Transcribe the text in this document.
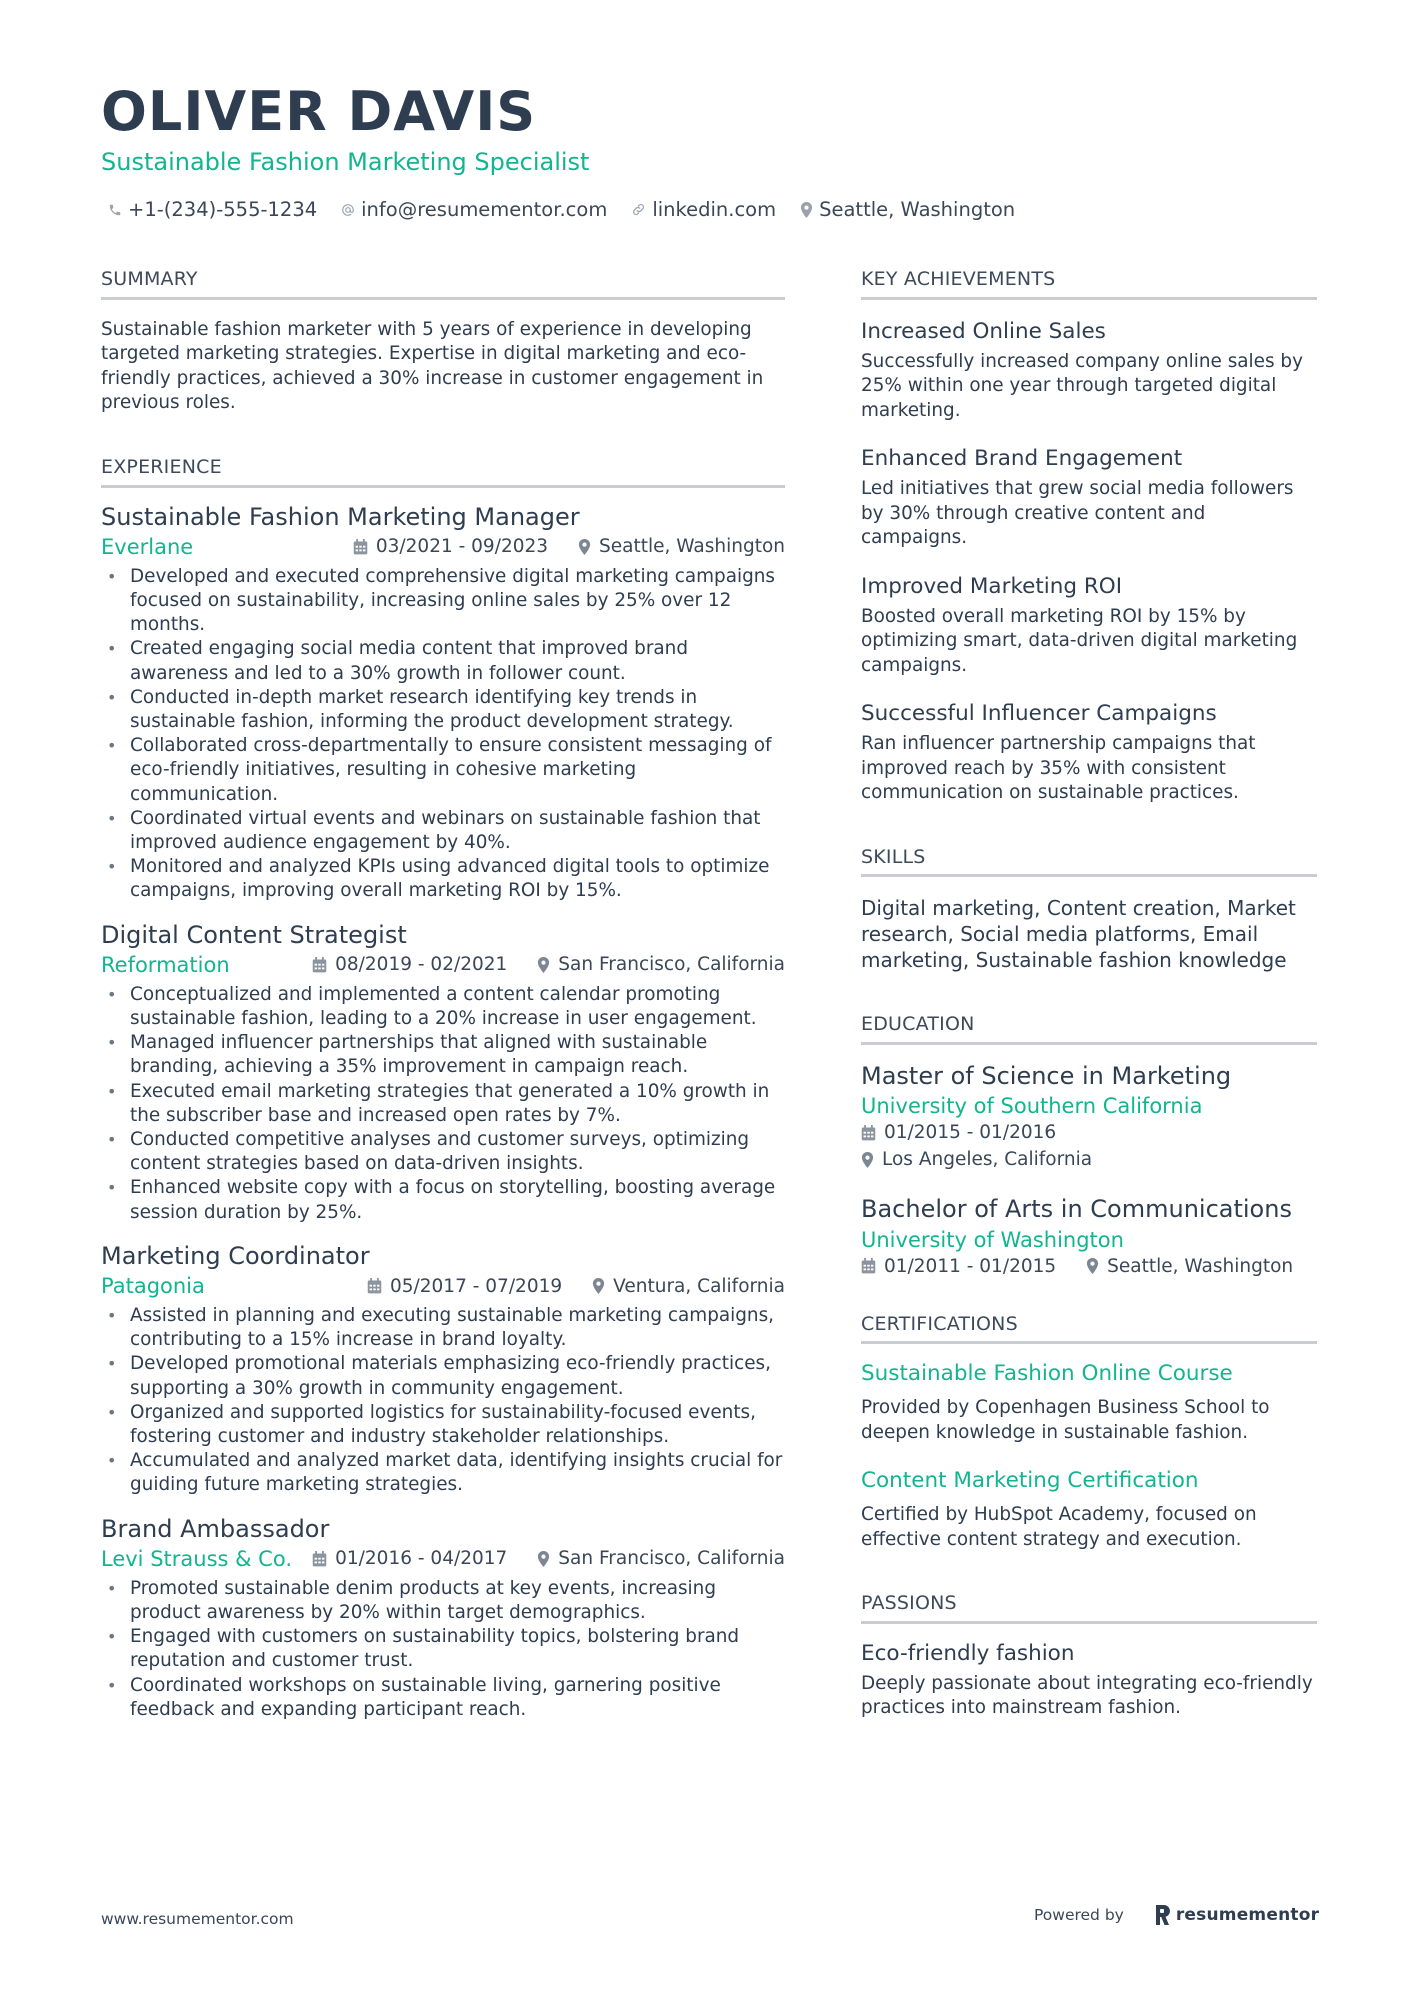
OLIVER DAVIS
Sustainable Fashion Marketing Specialist
+1-(234)-555-1234 info@resumementor.com linkedin.com Seattle, Washington
SUMMARY

Sustainable fashion marketer with 5 years of experience in developing targeted marketing strategies. Expertise in digital marketing and eco-friendly practices, achieved a 30% increase in customer engagement in previous roles.

EXPERIENCE
Sustainable Fashion Marketing Manager
Everlane	03/2021 - 09/2023	Seattle, Washington
• Developed and executed comprehensive digital marketing campaigns focused on sustainability, increasing online sales by 25% over 12 months.
• Created engaging social media content that improved brand awareness and led to a 30% growth in follower count.
• Conducted in-depth market research identifying key trends in sustainable fashion, informing the product development strategy.
• Collaborated cross-departmentally to ensure consistent messaging of eco-friendly initiatives, resulting in cohesive marketing communication.
• Coordinated virtual events and webinars on sustainable fashion that improved audience engagement by 40%.
• Monitored and analyzed KPIs using advanced digital tools to optimize campaigns, improving overall marketing ROI by 15%.
Digital Content Strategist
Reformation	08/2019 - 02/2021	San Francisco, California
• Conceptualized and implemented a content calendar promoting sustainable fashion, leading to a 20% increase in user engagement.
• Managed influencer partnerships that aligned with sustainable branding, achieving a 35% improvement in campaign reach.
• Executed email marketing strategies that generated a 10% growth in the subscriber base and increased open rates by 7%.
• Conducted competitive analyses and customer surveys, optimizing content strategies based on data-driven insights.
• Enhanced website copy with a focus on storytelling, boosting average session duration by 25%.
Marketing Coordinator
Patagonia	05/2017 - 07/2019	Ventura, California
• Assisted in planning and executing sustainable marketing campaigns, contributing to a 15% increase in brand loyalty.
• Developed promotional materials emphasizing eco-friendly practices, supporting a 30% growth in community engagement.
• Organized and supported logistics for sustainability-focused events, fostering customer and industry stakeholder relationships.
• Accumulated and analyzed market data, identifying insights crucial for guiding future marketing strategies.
Brand Ambassador
Levi Strauss & Co.	01/2016 - 04/2017	San Francisco, California
• Promoted sustainable denim products at key events, increasing product awareness by 20% within target demographics.
• Engaged with customers on sustainability topics, bolstering brand reputation and customer trust.
• Coordinated workshops on sustainable living, garnering positive feedback and expanding participant reach.
KEY ACHIEVEMENTS
Increased Online Sales

Successfully increased company online sales by 25% within one year through targeted digital marketing.

Enhanced Brand Engagement

Led initiatives that grew social media followers by 30% through creative content and campaigns.

Improved Marketing ROI

Boosted overall marketing ROI by 15% by optimizing smart, data-driven digital marketing campaigns.

Successful Influencer Campaigns

Ran influencer partnership campaigns that improved reach by 35% with consistent communication on sustainable practices.

SKILLS

Digital marketing, Content creation, Market research, Social media platforms, Email marketing, Sustainable fashion knowledge

EDUCATION
Master of Science in Marketing
University of Southern California
01/2015 - 01/2016
Los Angeles, California
Bachelor of Arts in Communications
University of Washington
01/2011 - 01/2015	Seattle, Washington
CERTIFICATIONS
Sustainable Fashion Online Course

Provided by Copenhagen Business School to deepen knowledge in sustainable fashion.

Content Marketing Certification

Certified by HubSpot Academy, focused on effective content strategy and execution.

PASSIONS
Eco-friendly fashion

Deeply passionate about integrating eco-friendly practices into mainstream fashion.

www.resumementor.com	Powered by	resumementor
